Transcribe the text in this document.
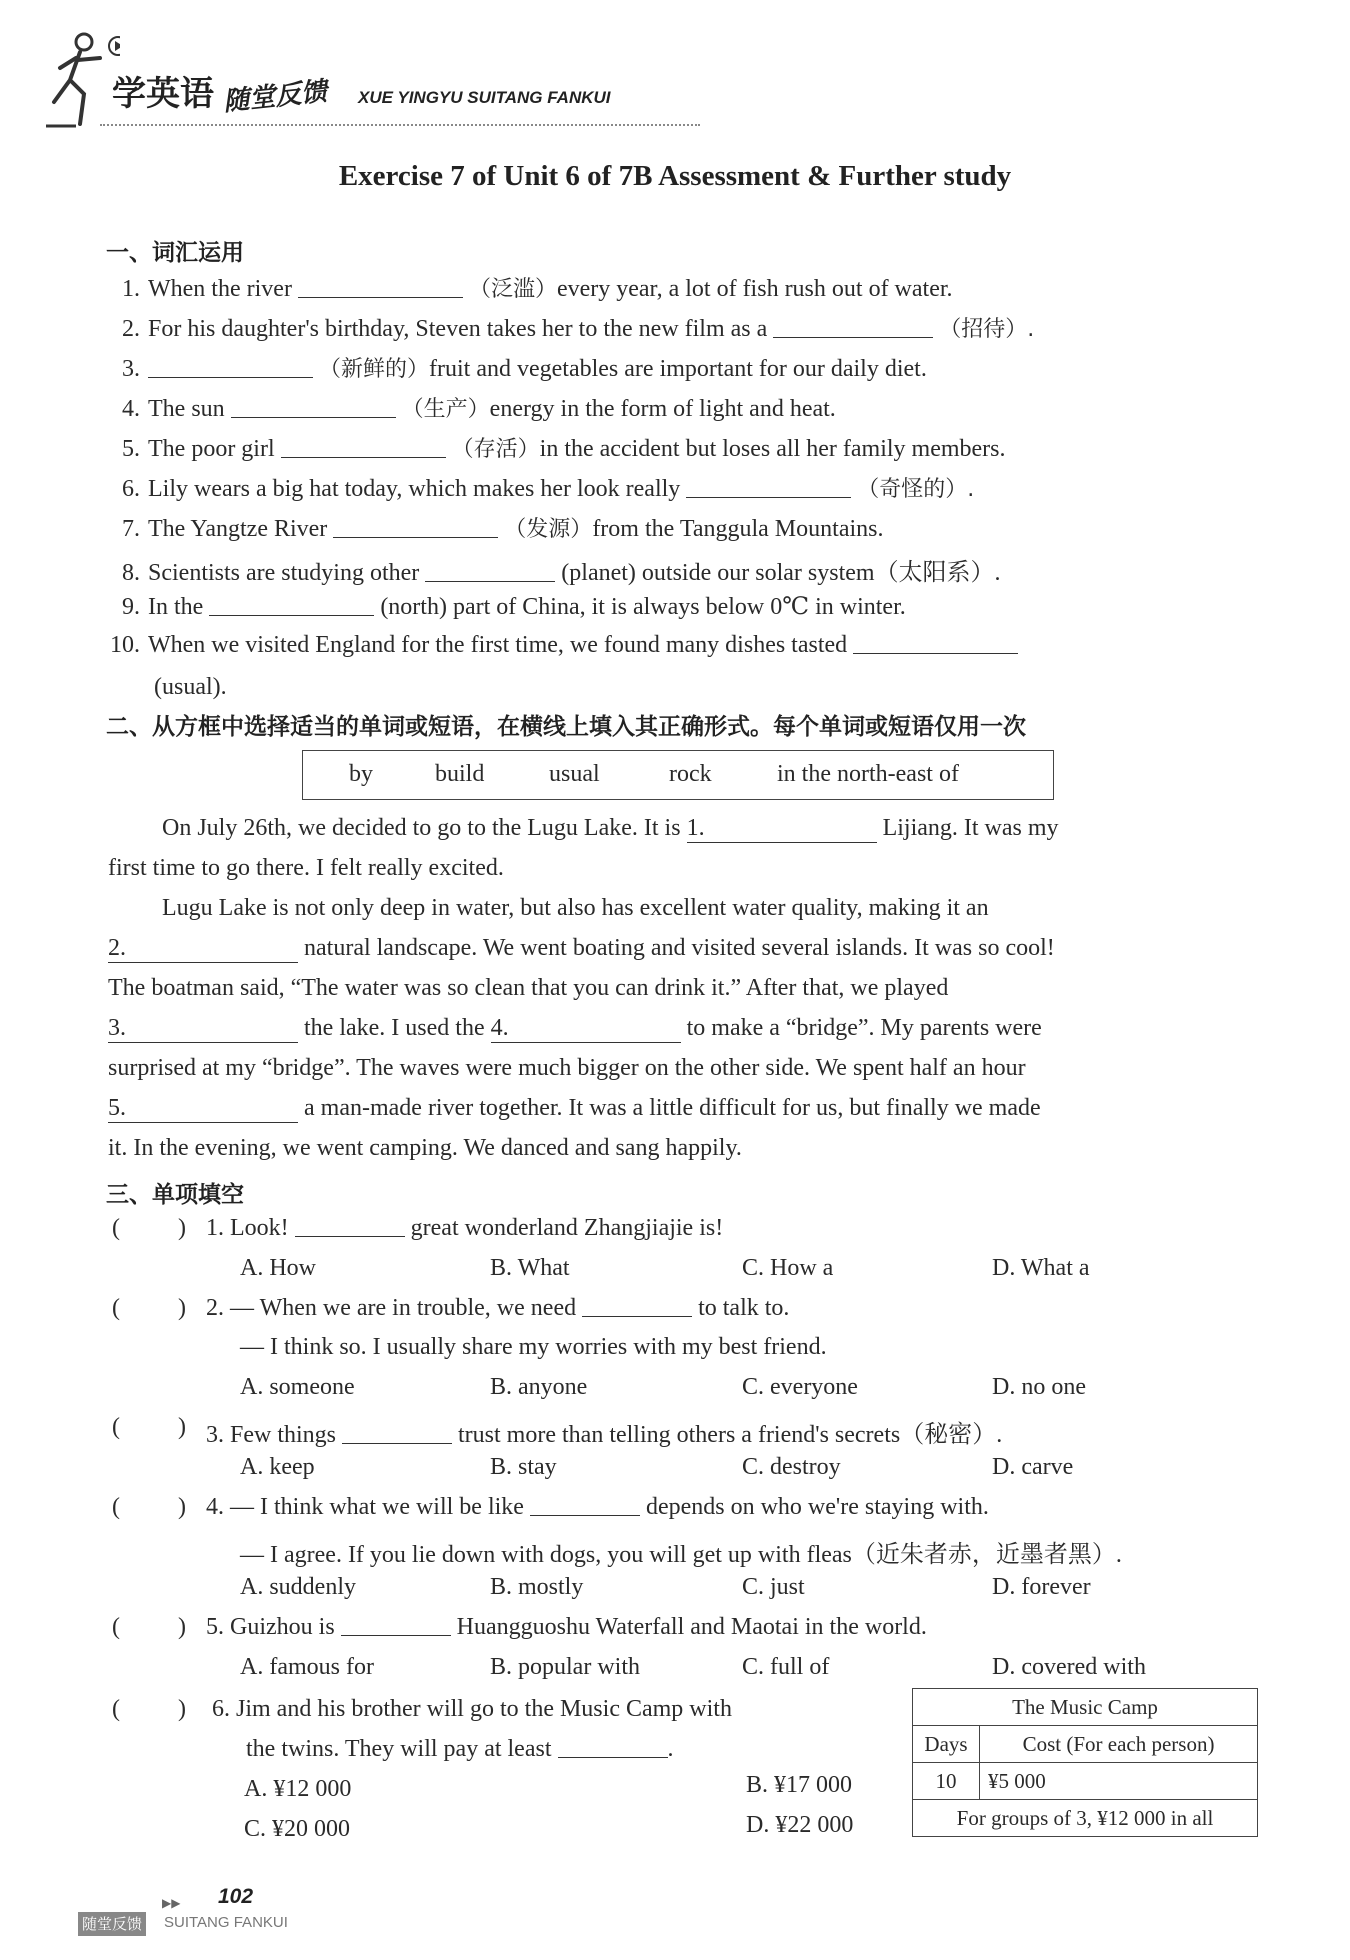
学英语 随堂反馈 XUE YINGYU SUITANG FANKUI
Exercise 7 of Unit 6 of 7B Assessment & Further study
一、词汇运用
1. When the river	（泛滥）every year, a lot of fish rush out of water.
2. For his daughter's birthday, Steven takes her to the new film as a	（招待）.
3.	（新鲜的）fruit and vegetables are important for our daily diet.
4. The sun	（生产）energy in the form of light and heat.
5. The poor girl	（存活）in the accident but loses all her family members.
6. Lily wears a big hat today, which makes her look really	（奇怪的）.
7. The Yangtze River	（发源）from the Tanggula Mountains.
8. Scientists are studying other	(planet) outside our solar system（太阳系）.
9. In the	(north) part of China, it is always below 0℃ in winter.
10. When we visited England for the first time, we found many dishes tasted
(usual).
二、从方框中选择适当的单词或短语，在横线上填入其正确形式。每个单词或短语仅用一次
by	build	usual	rock	in the north-east of
On July 26th, we decided to go to the Lugu Lake. It is 1.	Lijiang. It was my
first time to go there. I felt really excited.
Lugu Lake is not only deep in water, but also has excellent water quality, making it an
2.	natural landscape. We went boating and visited several islands. It was so cool!
The boatman said, “The water was so clean that you can drink it.” After that, we played
3.	the lake. I used the 4.	to make a “bridge”. My parents were
surprised at my “bridge”. The waves were much bigger on the other side. We spent half an hour
5.	a man-made river together. It was a little difficult for us, but finally we made
it. In the evening, we went camping. We danced and sang happily.
三、单项填空
( ) 1. Look!	great wonderland Zhangjiajie is!
A. How	B. What	C. How a	D. What a
( ) 2. — When we are in trouble, we need	to talk to.
— I think so. I usually share my worries with my best friend.
A. someone	B. anyone	C. everyone	D. no one
( ) 3. Few things	trust more than telling others a friend's secrets（秘密）.
A. keep	B. stay	C. destroy	D. carve
( ) 4. — I think what we will be like	depends on who we're staying with.
— I agree. If you lie down with dogs, you will get up with fleas（近朱者赤，近墨者黑）.
A. suddenly	B. mostly	C. just	D. forever
( ) 5. Guizhou is	Huangguoshu Waterfall and Maotai in the world.
A. famous for	B. popular with	C. full of	D. covered with
( ) 6. Jim and his brother will go to the Music Camp with
the twins. They will pay at least	.
A. ¥12 000	B. ¥17 000
C. ¥20 000	D. ¥22 000
The Music Camp	
Days	Cost (For each person)
10	¥5 000
For groups of 3, ¥12 000 in all	
▶▶ 102
随堂反馈 SUITANG FANKUI
